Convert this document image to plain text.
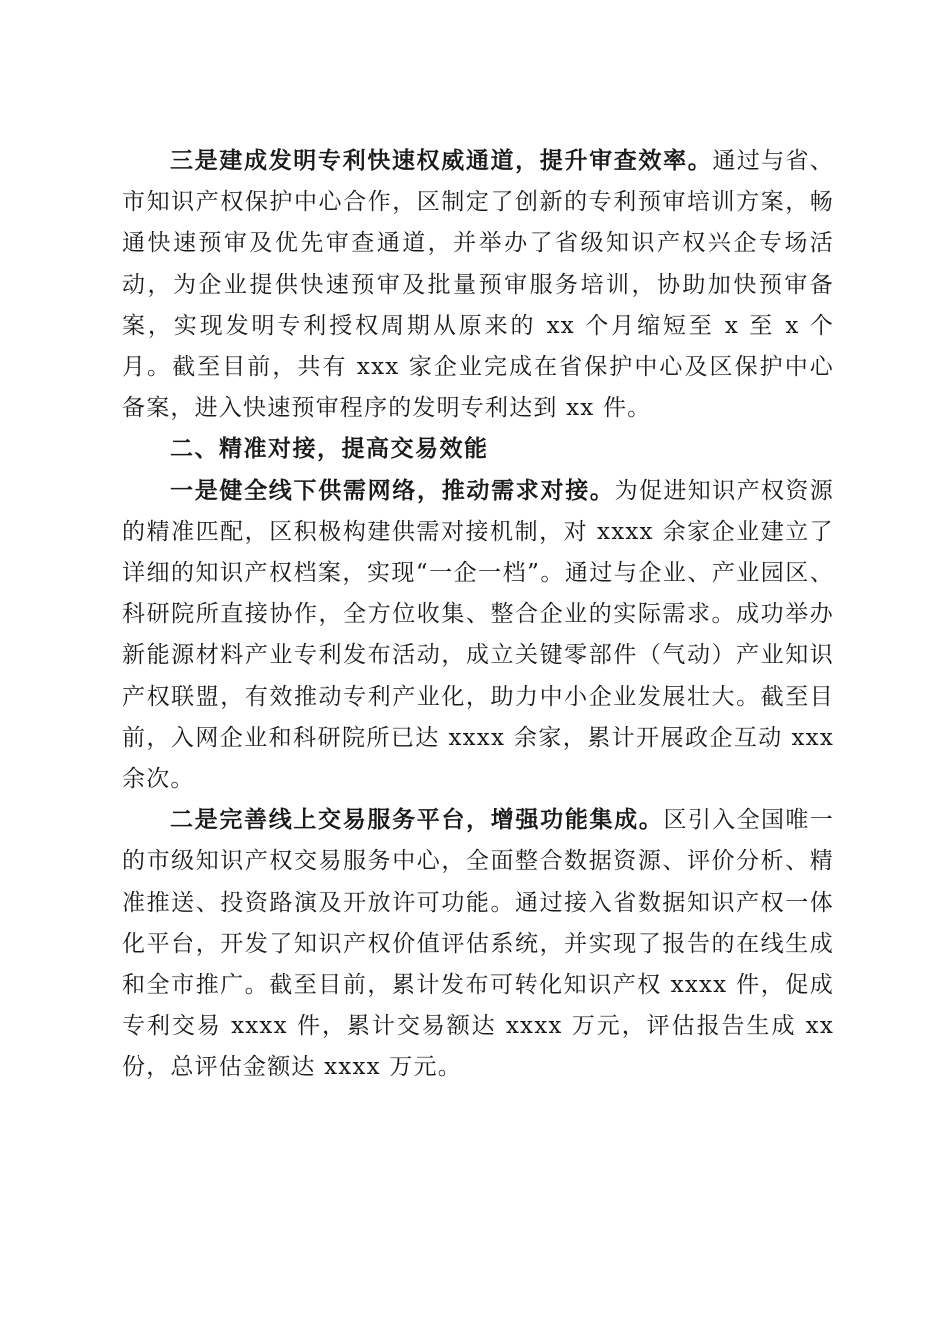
三是建成发明专利快速权威通道，提升审查效率。通过与省、市知识产权保护中心合作，区制定了创新的专利预审培训方案，畅通快速预审及优先审查通道，并举办了省级知识产权兴企专场活动，为企业提供快速预审及批量预审服务培训，协助加快预审备案，实现发明专利授权周期从原来的 xx 个月缩短至 x 至 x 个月。截至目前，共有 xxx 家企业完成在省保护中心及区保护中心备案，进入快速预审程序的发明专利达到 xx 件。

二、精准对接，提高交易效能

一是健全线下供需网络，推动需求对接。为促进知识产权资源的精准匹配，区积极构建供需对接机制，对 xxxx 余家企业建立了详细的知识产权档案，实现“一企一档”。通过与企业、产业园区、科研院所直接协作，全方位收集、整合企业的实际需求。成功举办新能源材料产业专利发布活动，成立关键零部件（气动）产业知识产权联盟，有效推动专利产业化，助力中小企业发展壮大。截至目前，入网企业和科研院所已达 xxxx 余家，累计开展政企互动 xxx 余次。

二是完善线上交易服务平台，增强功能集成。区引入全国唯一的市级知识产权交易服务中心，全面整合数据资源、评价分析、精准推送、投资路演及开放许可功能。通过接入省数据知识产权一体化平台，开发了知识产权价值评估系统，并实现了报告的在线生成和全市推广。截至目前，累计发布可转化知识产权 xxxx 件，促成专利交易 xxxx 件，累计交易额达 xxxx 万元，评估报告生成 xx 份，总评估金额达 xxxx 万元。
